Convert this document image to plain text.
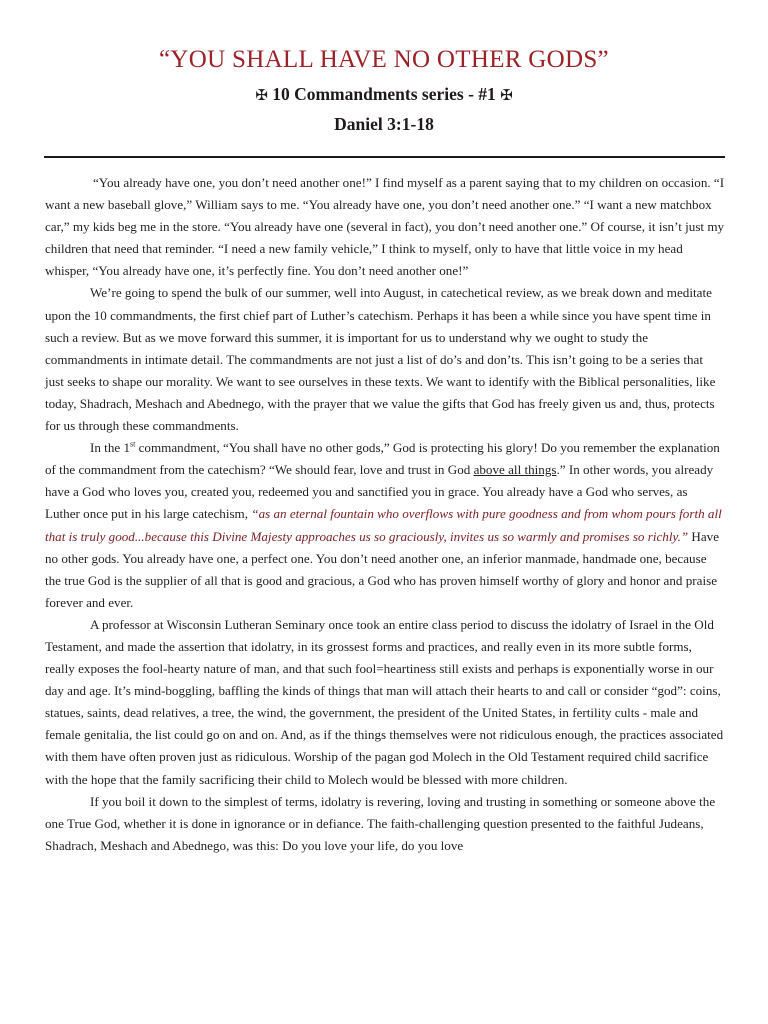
“YOU SHALL HAVE NO OTHER GODS”
✠ 10 Commandments series - #1 ✠
Daniel 3:1-18

“You already have one, you don’t need another one!” I find myself as a parent saying that to my children on occasion. “I want a new baseball glove,” William says to me. “You already have one, you don’t need another one.” “I want a new matchbox car,” my kids beg me in the store. “You already have one (several in fact), you don’t need another one.” Of course, it isn’t just my children that need that reminder. “I need a new family vehicle,” I think to myself, only to have that little voice in my head whisper, “You already have one, it’s perfectly fine. You don’t need another one!”

We’re going to spend the bulk of our summer, well into August, in catechetical review, as we break down and meditate upon the 10 commandments, the first chief part of Luther’s catechism. Perhaps it has been a while since you have spent time in such a review. But as we move forward this summer, it is important for us to understand why we ought to study the commandments in intimate detail. The commandments are not just a list of do’s and don’ts. This isn’t going to be a series that just seeks to shape our morality. We want to see ourselves in these texts. We want to identify with the Biblical personalities, like today, Shadrach, Meshach and Abednego, with the prayer that we value the gifts that God has freely given us and, thus, protects for us through these commandments.

In the 1st commandment, “You shall have no other gods,” God is protecting his glory! Do you remember the explanation of the commandment from the catechism? “We should fear, love and trust in God above all things.” In other words, you already have a God who loves you, created you, redeemed you and sanctified you in grace. You already have a God who serves, as Luther once put in his large catechism, “as an eternal fountain who overflows with pure goodness and from whom pours forth all that is truly good...because this Divine Majesty approaches us so graciously, invites us so warmly and promises so richly.” Have no other gods. You already have one, a perfect one. You don’t need another one, an inferior manmade, handmade one, because the true God is the supplier of all that is good and gracious, a God who has proven himself worthy of glory and honor and praise forever and ever.

A professor at Wisconsin Lutheran Seminary once took an entire class period to discuss the idolatry of Israel in the Old Testament, and made the assertion that idolatry, in its grossest forms and practices, and really even in its more subtle forms, really exposes the fool-hearty nature of man, and that such fool=heartiness still exists and perhaps is exponentially worse in our day and age. It’s mind-boggling, baffling the kinds of things that man will attach their hearts to and call or consider “god”: coins, statues, saints, dead relatives, a tree, the wind, the government, the president of the United States, in fertility cults - male and female genitalia, the list could go on and on. And, as if the things themselves were not ridiculous enough, the practices associated with them have often proven just as ridiculous. Worship of the pagan god Molech in the Old Testament required child sacrifice with the hope that the family sacrificing their child to Molech would be blessed with more children.

If you boil it down to the simplest of terms, idolatry is revering, loving and trusting in something or someone above the one True God, whether it is done in ignorance or in defiance. The faith-challenging question presented to the faithful Judeans, Shadrach, Meshach and Abednego, was this: Do you love your life, do you love
